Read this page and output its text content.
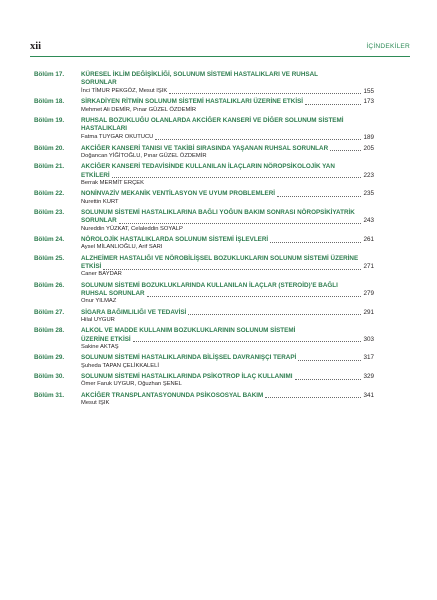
xii	İÇİNDEKİLER
Bölüm 17.	KÜRESEL İKLİM DEĞİŞİKLİĞİ, SOLUNUM SİSTEMİ HASTALIKLARI VE RUHSAL
SORUNLAR
İnci TİMUR PEKGÖZ, Mesut IŞIK	155
Bölüm 18.	SİRKADİYEN RİTMİN SOLUNUM SİSTEMİ HASTALIKLARI ÜZERİNE ETKİSİ	173
Mehmet Ali DEMİR, Pınar GÜZEL ÖZDEMİR
Bölüm 19.	RUHSAL BOZUKLUĞU OLANLARDA AKCİĞER KANSERİ VE DİĞER SOLUNUM SİSTEMİ
HASTALIKLARI
Fatma TUYGAR OKUTUCU	189
Bölüm 20.	AKCİĞER KANSERİ TANISI VE TAKİBİ SIRASINDA YAŞANAN RUHSAL SORUNLAR	205
Doğancan YİĞİTOĞLU, Pınar GÜZEL ÖZDEMİR
Bölüm 21.	AKCİĞER KANSERİ TEDAVİSİNDE KULLANILAN İLAÇLARIN NÖROPSİKOLOJİK YAN
ETKİLERİ	223
Berrak MERMİT ERÇEK
Bölüm 22.	NONİNVAZİV MEKANİK VENTİLASYON VE UYUM PROBLEMLERİ	235
Nurettin KURT
Bölüm 23.	SOLUNUM SİSTEMİ HASTALIKLARINA BAĞLI YOĞUN BAKIM SONRASI NÖROPSİKİYATRİK
SORUNLAR	243
Nureddin YÜZKAT, Celaleddin SOYALP
Bölüm 24.	NÖROLOJİK HASTALIKLARDA SOLUNUM SİSTEMİ İŞLEVLERİ	261
Aysel MİLANLIOĞLU, Arif SARI
Bölüm 25.	ALZHEİMER HASTALIĞI VE NÖROBİLİŞSEL BOZUKLUKLARIN SOLUNUM SİSTEMİ ÜZERİNE
ETKİSİ	271
Caner BAYDAR
Bölüm 26.	SOLUNUM SİSTEMİ BOZUKLUKLARINDA KULLANILAN İLAÇLAR (STEROİD)’E BAĞLI
RUHSAL SORUNLAR	279
Onur YILMAZ
Bölüm 27.	SİGARA BAĞIMLILIĞI VE TEDAVİSİ	291
Hilal UYGUR
Bölüm 28.	ALKOL VE MADDE KULLANIM BOZUKLUKLARININ SOLUNUM SİSTEMİ
ÜZERİNE ETKİSİ	303
Sakine AKTAŞ
Bölüm 29.	SOLUNUM SİSTEMİ HASTALIKLARINDA BİLİŞSEL DAVRANIŞÇI TERAPİ	317
Şuheda TAPAN ÇELİKKALELİ
Bölüm 30.	SOLUNUM SİSTEMİ HASTALIKLARINDA PSİKOTROP İLAÇ KULLANIMI	329
Ömer Faruk UYGUR, Oğuzhan ŞENEL
Bölüm 31.	AKCİĞER TRANSPLANTASYONUNDA PSİKOSOSYAL BAKIM	341
Mesut IŞIK
